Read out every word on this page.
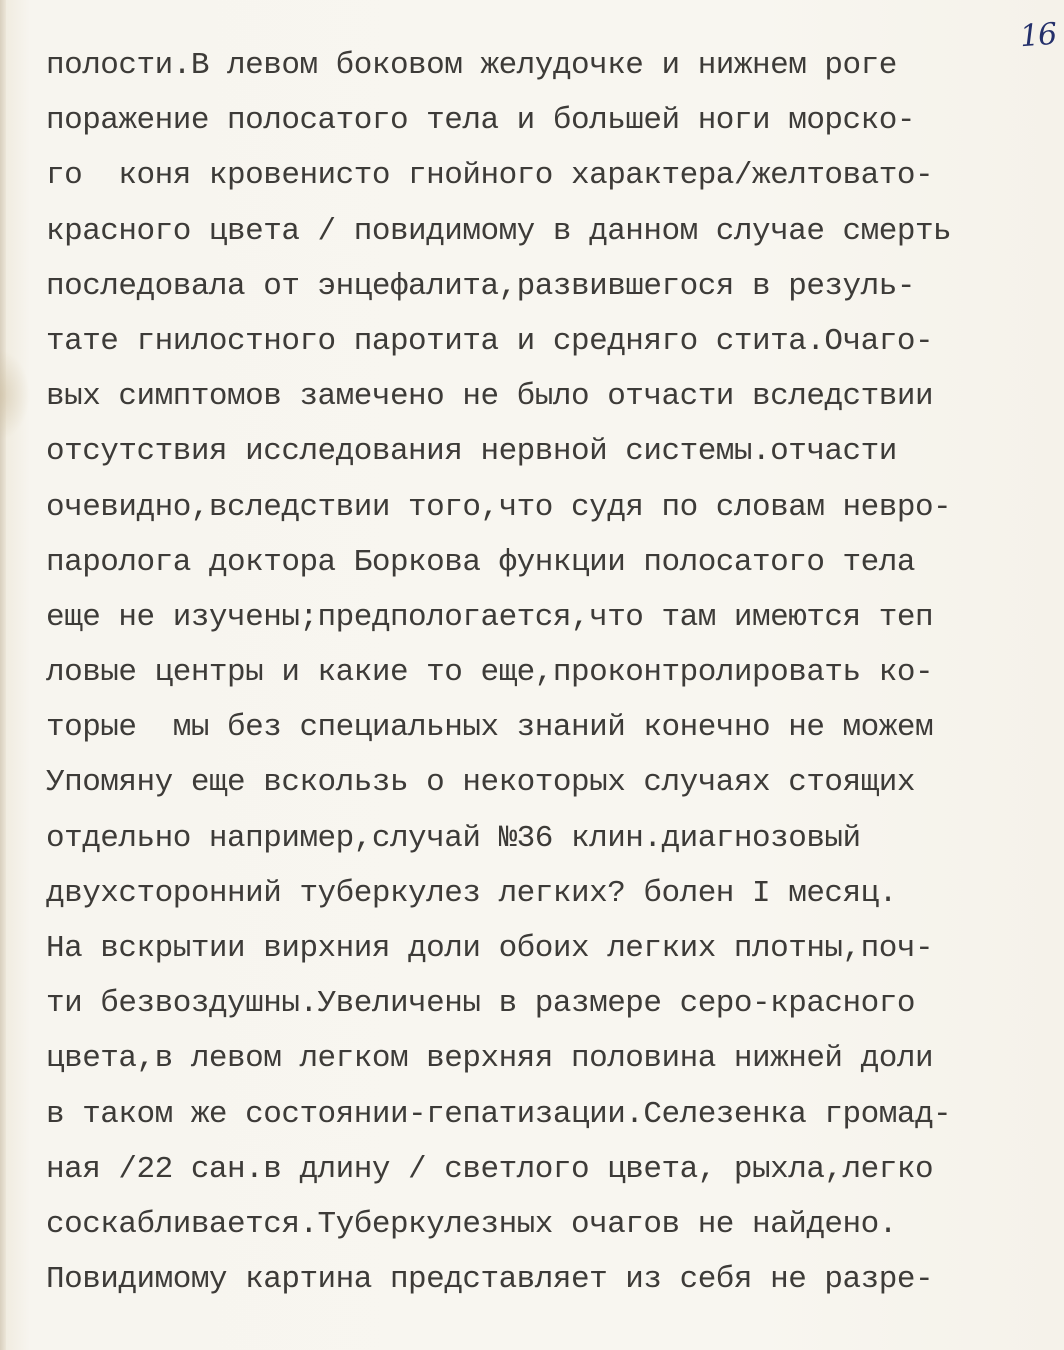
16
полости.В левом боковом желудочке и нижнем роге
поражение полосатого тела и большей ноги морско-
го  коня кровенисто гнойного характера/желтовато-
красного цвета / повидимому в данном случае смерть
последовала от энцефалита,развившегося в резуль-
тате гнилостного паротита и средняго стита.Очаго-
вых симптомов замечено не было отчасти вследствии
отсутствия исследования нервной системы.отчасти
очевидно,вследствии того,что судя по словам невро-
паролога доктора Боркова функции полосатого тела
еще не изучены;предпологается,что там имеются теп
ловые центры и какие то еще,проконтролировать ко-
торые  мы без специальных знаний конечно не можем
Упомяну еще вскользь о некоторых случаях стоящих
отдельно например,случай №36 клин.диагнозовый
двухсторонний туберкулез легких? болен I месяц.
На вскрытии вирхния доли обоих легких плотны,поч-
ти безвоздушны.Увеличены в размере серо-красного
цвета,в левом легком верхняя половина нижней доли
в таком же состоянии-гепатизации.Селезенка громад-
ная /22 сан.в длину / светлого цвета, рыхла,легко
соскабливается.Туберкулезных очагов не найдено.
Повидимому картина представляет из себя не разре-
